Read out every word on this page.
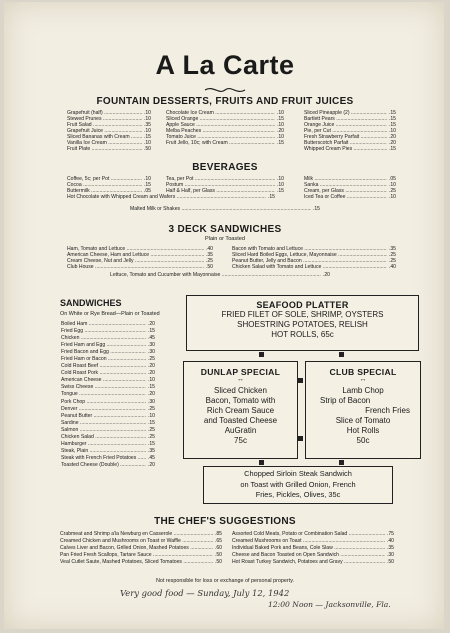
A La Carte
FOUNTAIN DESSERTS, FRUITS AND FRUIT JUICES
Grapefruit (half) .....	.10
Stewed Prunes .....	.10
Fruit Salad .....	.35
Grapefruit Juice .....	.10
Sliced Bananas with Cream .....	.15
Vanilla Ice Cream .....	.10
Fruit Plate .....	.50
Chocolate Ice Cream .....	.10
Sliced Orange .....	.15
Apple Sauce .....	.10
Melba Peaches .....	.20
Tomato Juice .....	.10
Fruit Jello, 10c; with Cream .....	.15
Sliced Pineapple (2) .....	.15
Bartlett Pears .....	.15
Orange Juice .....	.15
Pie, per Cut .....	.10
Fresh Strawberry Parfait .....	.20
Butterscotch Parfait .....	.20
Whipped Cream Pies .....	.15
BEVERAGES
Coffee, 5c; per Pot .....	.10
Cocoa .....	.15
Buttermilk .....	.05
Hot Chocolate with Whipped Cream and Wafers .....	.15
Tea, per Pot .....	.10
Postum .....	.10
Half & Half, per Glass .....	.15
Milk .....	.05
Sanka .....	.10
Cream, per Glass .....	.25
Iced Tea or Coffee .....	.10
Malted Milk or Shakes .....	.15
3 DECK SANDWICHES
Plain or Toasted
Ham, Tomato and Lettuce .....	.40
American Cheese, Ham and Lettuce .....	.35
Cream Cheese, Nut and Jelly .....	.25
Club House .....	.50
Bacon with Tomato and Lettuce .....	.35
Sliced Hard Boiled Eggs, Lettuce, Mayonnaise .....	.25
Peanut Butter, Jelly and Bacon .....	.25
Chicken Salad with Tomato and Lettuce .....	.40
Lettuce, Tomato and Cucumber with Mayonnaise .....	.20
SANDWICHES
On White or Rye Bread—Plain or Toasted
Boiled Ham .....	.20
Fried Egg .....	.15
Chicken .....	.45
Fried Ham and Egg .....	.30
Fried Bacon and Egg .....	.30
Fried Ham or Bacon .....	.25
Cold Roast Beef .....	.20
Cold Roast Pork .....	.20
American Cheese .....	.10
Swiss Cheese .....	.15
Tongue .....	.20
Pork Chop .....	.30
Denver .....	.25
Peanut Butter .....	.10
Sardine .....	.15
Salmon .....	.25
Chicken Salad .....	.25
Hamburger .....	.15
Steak, Plain .....	.35
Steak with French Fried Potatoes .....	.45
Toasted Cheese (Double) .....	.20
SEAFOOD PLATTER
FRIED FILET OF SOLE, SHRIMP, OYSTERS
SHOESTRING POTATOES, RELISH
HOT ROLLS, 65c
DUNLAP SPECIAL
↔
Sliced Chicken
Bacon, Tomato with
Rich Cream Sauce
and Toasted Cheese
AuGratin
75c
CLUB SPECIAL
↔
Lamb Chop
Strip of Bacon
French Fries
Slice of Tomato
Hot Rolls
50c
Chopped Sirloin Steak Sandwich
on Toast with Grilled Onion, French
Fries, Pickles, Olives, 35c
THE CHEF'S SUGGESTIONS
Crabmeat and Shrimp a'la Newburg en Casserole .....	.85
Creamed Chicken and Mushrooms on Toast or Waffle .....	.65
Calves Liver and Bacon, Grilled Onion, Mashed Potatoes .....	.60
Pan Fried Fresh Scallops, Tartare Sauce .....	.50
Veal Cutlet Saute, Mashed Potatoes, Sliced Tomatoes .....	.50
Assorted Cold Meats, Potato or Combination Salad .....	.75
Creamed Mushrooms on Toast .....	.40
Individual Baked Pork and Beans, Cole Slaw .....	.35
Cheese and Bacon Toasted on Open Sandwich .....	.30
Hot Roast Turkey Sandwich, Potatoes and Gravy .....	.50
Not responsible for loss or exchange of personal property.
Very good food — Sunday, July 12, 1942
12:00 Noon — Jacksonville, Fla.
